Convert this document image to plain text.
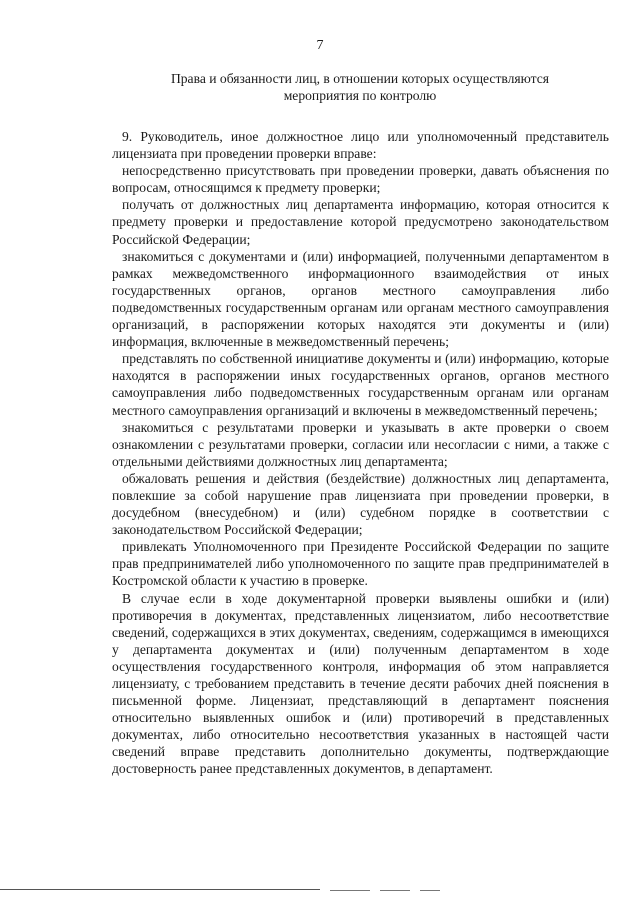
7
Права и обязанности лиц, в отношении которых осуществляются
мероприятия по контролю

9. Руководитель, иное должностное лицо или уполномоченный представитель лицензиата при проведении проверки вправе:

непосредственно присутствовать при проведении проверки, давать объяснения по вопросам, относящимся к предмету проверки;

получать от должностных лиц департамента информацию, которая относится к предмету проверки и предоставление которой предусмотрено законодательством Российской Федерации;

знакомиться с документами и (или) информацией, полученными департаментом в рамках межведомственного информационного взаимодействия от иных государственных органов, органов местного самоуправления либо подведомственных государственным органам или органам местного самоуправления организаций, в распоряжении которых находятся эти документы и (или) информация, включенные в межведомственный перечень;

представлять по собственной инициативе документы и (или) информацию, которые находятся в распоряжении иных государственных органов, органов местного самоуправления либо подведомственных государственным органам или органам местного самоуправления организаций и включены в межведомственный перечень;

знакомиться с результатами проверки и указывать в акте проверки о своем ознакомлении с результатами проверки, согласии или несогласии с ними, а также с отдельными действиями должностных лиц департамента;

обжаловать решения и действия (бездействие) должностных лиц департамента, повлекшие за собой нарушение прав лицензиата при проведении проверки, в досудебном (внесудебном) и (или) судебном порядке в соответствии с законодательством Российской Федерации;

привлекать Уполномоченного при Президенте Российской Федерации по защите прав предпринимателей либо уполномоченного по защите прав предпринимателей в Костромской области к участию в проверке.

В случае если в ходе документарной проверки выявлены ошибки и (или) противоречия в документах, представленных лицензиатом, либо несоответствие сведений, содержащихся в этих документах, сведениям, содержащимся в имеющихся у департамента документах и (или) полученным департаментом в ходе осуществления государственного контроля, информация об этом направляется лицензиату, с требованием представить в течение десяти рабочих дней пояснения в письменной форме. Лицензиат, представляющий в департамент пояснения относительно выявленных ошибок и (или) противоречий в представленных документах, либо относительно несоответствия указанных в настоящей части сведений вправе представить дополнительно документы, подтверждающие достоверность ранее представленных документов, в департамент.
